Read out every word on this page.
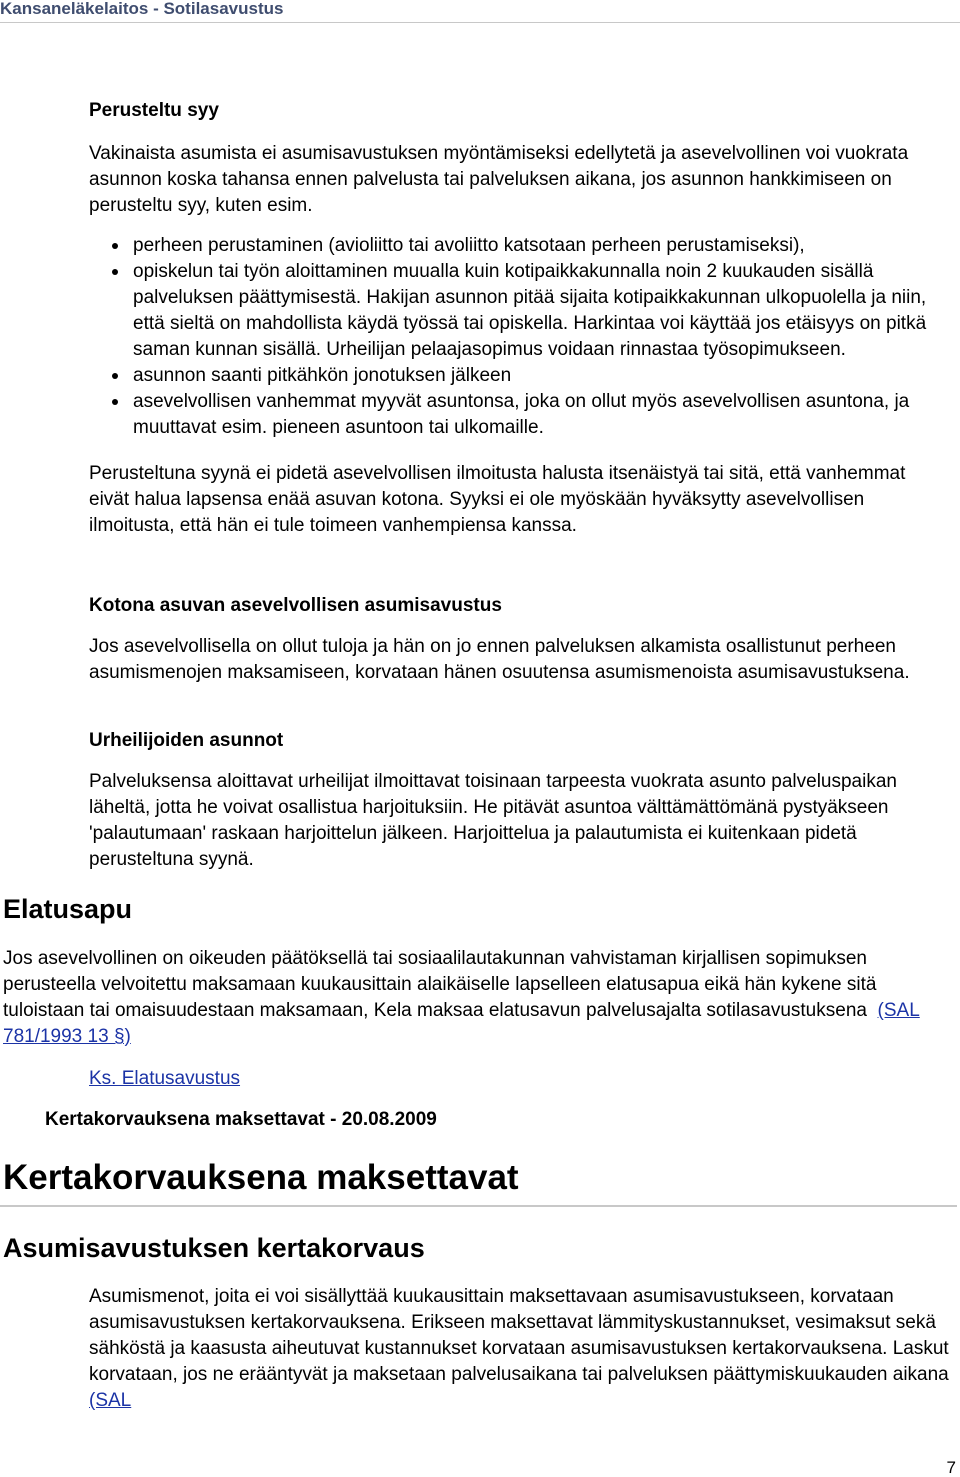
Kansaneläkelaitos - Sotilasavustus

Perusteltu syy

Vakinaista asumista ei asumisavustuksen myöntämiseksi edellytetä ja asevelvollinen voi vuokrata asunnon koska tahansa ennen palvelusta tai palveluksen aikana, jos asunnon hankkimiseen on perusteltu syy, kuten esim.

perheen perustaminen (avioliitto tai avoliitto katsotaan perheen perustamiseksi),
opiskelun tai työn aloittaminen muualla kuin kotipaikkakunnalla noin 2 kuukauden sisällä palveluksen päättymisestä. Hakijan asunnon pitää sijaita kotipaikkakunnan ulkopuolella ja niin, että sieltä on mahdollista käydä työssä tai opiskella. Harkintaa voi käyttää jos etäisyys on pitkä saman kunnan sisällä. Urheilijan pelaajasopimus voidaan rinnastaa työsopimukseen.
asunnon saanti pitkähkön jonotuksen jälkeen
asevelvollisen vanhemmat myyvät asuntonsa, joka on ollut myös asevelvollisen asuntona, ja muuttavat esim. pieneen asuntoon tai ulkomaille.

Perusteltuna syynä ei pidetä asevelvollisen ilmoitusta halusta itsenäistyä tai sitä, että vanhemmat eivät halua lapsensa enää asuvan kotona. Syyksi ei ole myöskään hyväksytty asevelvollisen ilmoitusta, että hän ei tule toimeen vanhempiensa kanssa.

Kotona asuvan asevelvollisen asumisavustus

Jos asevelvollisella on ollut tuloja ja hän on jo ennen palveluksen alkamista osallistunut perheen asumismenojen maksamiseen, korvataan hänen osuutensa asumismenoista asumisavustuksena.

Urheilijoiden asunnot

Palveluksensa aloittavat urheilijat ilmoittavat toisinaan tarpeesta vuokrata asunto palveluspaikan läheltä, jotta he voivat osallistua harjoituksiin. He pitävät asuntoa välttämättömänä pystyäkseen 'palautumaan' raskaan harjoittelun jälkeen. Harjoittelua ja palautumista ei kuitenkaan pidetä perusteltuna syynä.

Elatusapu

Jos asevelvollinen on oikeuden päätöksellä tai sosiaalilautakunnan vahvistaman kirjallisen sopimuksen perusteella velvoitettu maksamaan kuukausittain alaikäiselle lapselleen elatusapua eikä hän kykene sitä tuloistaan tai omaisuudestaan maksamaan, Kela maksaa elatusavun palvelusajalta sotilasavustuksena (SAL 781/1993 13 §)

Ks. Elatusavustus
Kertakorvauksena maksettavat - 20.08.2009
Kertakorvauksena maksettavat
Asumisavustuksen kertakorvaus

Asumismenot, joita ei voi sisällyttää kuukausittain maksettavaan asumisavustukseen, korvataan asumisavustuksen kertakorvauksena. Erikseen maksettavat lämmityskustannukset, vesimaksut sekä sähköstä ja kaasusta aiheutuvat kustannukset korvataan asumisavustuksen kertakorvauksena. Laskut korvataan, jos ne erääntyvät ja maksetaan palvelusaikana tai palveluksen päättymiskuukauden aikana (SAL

7
